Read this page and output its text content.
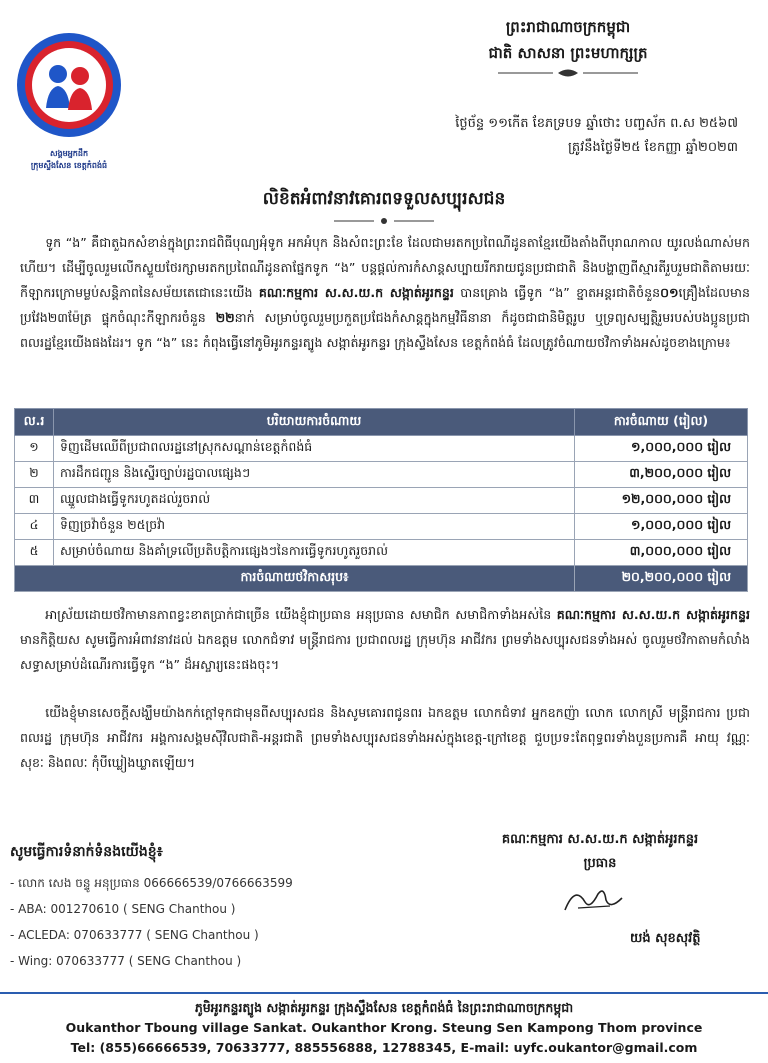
សង្គមអ្នកដឹក
ក្រុមស្ទឹងសែន ខេត្តកំពង់ធំ
ព្រះរាជាណាចក្រកម្ពុជា
ជាតិ សាសនា ព្រះមហាក្សត្រ
ថ្ងៃច័ន្ទ ១១កើត ខែភទ្របទ ឆ្នាំថោះ បញ្ចស័ក ព.ស ២៥៦៧
ត្រូវនឹងថ្ងៃទី២៥ ខែកញ្ញា ឆ្នាំ២០២៣
លិខិតអំពាវនាវគោរពទទួលសប្បុរសជន

  ទូក “ង” គឺជាតួឯកសំខាន់ក្នុងព្រះរាជពិធីបុណ្យអុំទូក អកអំបុក និងសំពះព្រះខែ ដែលជាមរតកប្រពៃណីដូនតាខ្មែរយើងតាំងពីបុរាណកាល យូរលង់ណាស់មកហើយ។ ដើម្បីចូលរួមលើកស្ទួយថែរក្សាមរតកប្រពៃណីដូនតាផ្នែកទូក “ង” បន្តផ្តល់ការកំសាន្តសប្បាយរីករាយជូនប្រជាជាតិ និងបង្ហាញពីស្មារតីរួបរួមជាតិតាមរយៈកីឡាករក្រោមម្លប់សន្តិភាពនៃសម័យតេជោនេះយើង គណៈកម្មការ ស.ស.យ.ក សង្កាត់អូរកន្ទរ បានគ្រោង ធ្វើទូក “ង” ខ្នាតអន្តរជាតិចំនួន០១គ្រឿងដែលមានប្រវែង២៣ម៉ែត្រ ផ្ទុកចំណុះកីឡាករចំនួន ២២នាក់ សម្រាប់ចូលរួមប្រកួតប្រជែងកំសាន្តក្នុងកម្មវិធីនានា ក៏ដូចជាជានិមិត្តរូប ឬទ្រព្យសម្បត្តិរួមរបស់បងប្អូនប្រជាពលរដ្ឋខ្មែរយើងផងដែរ។ ទូក “ង” នេះ កំពុងធ្វើនៅភូមិអូរកន្ទរត្បូង សង្កាត់អូរកន្ទរ ក្រុងស្ទឹងសែន ខេត្តកំពង់ធំ ដែលត្រូវចំណាយថវិកាទាំងអស់ដូចខាងក្រោម៖

ល.រ	បរិយាយការចំណាយ	ការចំណាយ (រៀល)
១	ទិញដើមឈើពីប្រជាពលរដ្ឋនៅស្រុកសណ្តាន់ខេត្តកំពង់ធំ	១,០០០,០០០ រៀល
២	ការដឹកជញ្ជូន និងស្នើរច្បាប់រដ្ឋបាលផ្សេងៗ	៣,២០០,០០០ រៀល
៣	ឈ្នួលជាងធ្វើទូករហូតដល់រួចរាល់	១២,០០០,០០០ រៀល
៤	ទិញច្រវ៉ាចំនួន ២៥ច្រវ៉ា	១,០០០,០០០ រៀល
៥	សម្រាប់ចំណាយ និងគាំទ្រលើប្រតិបត្តិការផ្សេងៗនៃការធ្វើទូករហូតរួចរាល់	៣,០០០,០០០ រៀល
ការចំណាយថវិកាសរុប៖		២០,២០០,០០០ រៀល

  អាស្រ័យដោយថវិកាមានភាពខ្វះខាតប្រាក់ជាច្រើន យើងខ្ញុំជាប្រធាន អនុប្រធាន សមាជិក សមាជិកាទាំងអស់នៃ គណៈកម្មការ ស.ស.យ.ក សង្កាត់អូរកន្ទរ មានកិត្តិយស សូមធ្វើការអំពាវនាវដល់ ឯកឧត្តម លោកជំទាវ មន្ត្រីរាជការ ប្រជាពលរដ្ឋ ក្រុមហ៊ុន អាជីវករ ព្រមទាំងសប្បុរសជនទាំងអស់ ចូលរួមថវិកាតាមកំលាំងសទ្ធាសម្រាប់ដំណើរការធ្វើទូក “ង” ដ៏អស្ចារ្យនេះផងចុះ។

  យើងខ្ញុំមានសេចក្តីសង្ឃឹមយ៉ាងកក់ក្តៅទុកជាមុនពីសប្បុរសជន និងសូមគោរពជូនពរ ឯកឧត្តម លោកជំទាវ អ្នកឧកញ៉ា លោក លោកស្រី មន្ត្រីរាជការ ប្រជាពលរដ្ឋ ក្រុមហ៊ុន អាជីវករ អង្គការសង្គមស៊ីវិលជាតិ-អន្តរជាតិ ព្រមទាំងសប្បុរសជនទាំងអស់ក្នុងខេត្ត-ក្រៅខេត្ត ជួបប្រទះតែពុទ្ធពរទាំងបួនប្រការគឺ អាយុ វណ្ណៈ សុខៈ និងពលៈ កុំបីឃ្លៀងឃ្លាតឡើយ។

សូមធ្វើការទំនាក់ទំនងយើងខ្ញុំ៖
- លោក សេង ចន្ទូ អនុប្រធាន 066666539/0766663599
- ABA: 001270610 ( SENG Chanthou )
- ACLEDA: 070633777 ( SENG Chanthou )
- Wing: 070633777 ( SENG Chanthou )
គណៈកម្មការ ស.ស.យ.ក សង្កាត់អូរកន្ទរ
ប្រធាន
យង់ សុខសុវត្ថិ
ភូមិអូរកន្ទរត្បូង សង្កាត់អូរកន្ទរ ក្រុងស្ទឹងសែន ខេត្តកំពង់ធំ នៃព្រះរាជាណាចក្រកម្ពុជា
Oukanthor Tboung village Sankat. Oukanthor Krong. Steung Sen Kampong Thom province
Tel: (855)66666539, 70633777, 885556888, 12788345, E-mail: uyfc.oukantor@gmail.com
